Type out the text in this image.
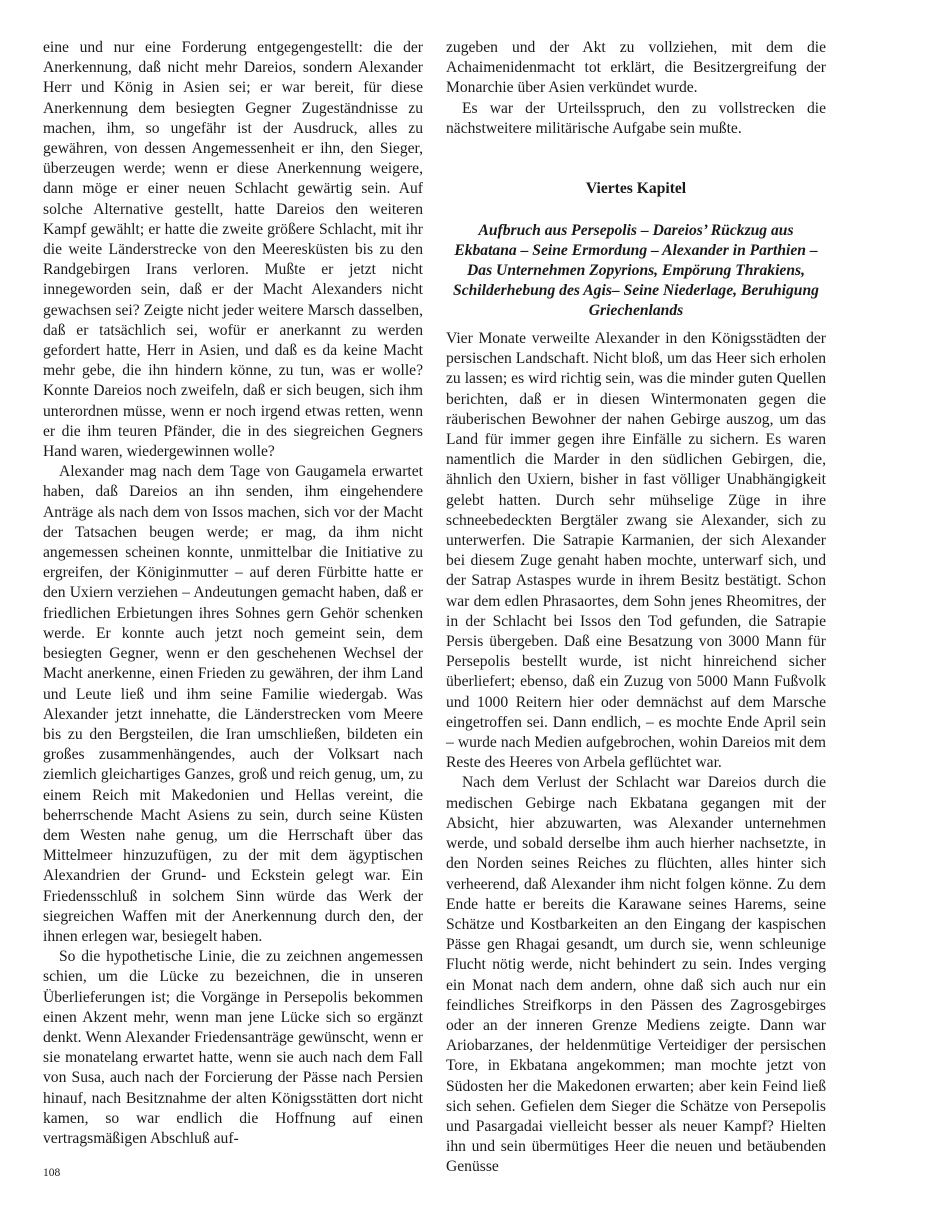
eine und nur eine Forderung entgegengestellt: die der Anerkennung, daß nicht mehr Dareios, sondern Alexander Herr und König in Asien sei; er war bereit, für diese Anerkennung dem besiegten Gegner Zugeständnisse zu machen, ihm, so ungefähr ist der Ausdruck, alles zu gewähren, von dessen Angemessenheit er ihn, den Sieger, überzeugen werde; wenn er diese Anerkennung weigere, dann möge er einer neuen Schlacht gewärtig sein. Auf solche Alternative gestellt, hatte Dareios den weiteren Kampf gewählt; er hatte die zweite größere Schlacht, mit ihr die weite Länderstrecke von den Meeresküsten bis zu den Randgebirgen Irans verloren. Mußte er jetzt nicht innegeworden sein, daß er der Macht Alexanders nicht gewachsen sei? Zeigte nicht jeder weitere Marsch dasselben, daß er tatsächlich sei, wofür er anerkannt zu werden gefordert hatte, Herr in Asien, und daß es da keine Macht mehr gebe, die ihn hindern könne, zu tun, was er wolle? Konnte Dareios noch zweifeln, daß er sich beugen, sich ihm unterordnen müsse, wenn er noch irgend etwas retten, wenn er die ihm teuren Pfänder, die in des siegreichen Gegners Hand waren, wiedergewinnen wolle?

Alexander mag nach dem Tage von Gaugamela erwartet haben, daß Dareios an ihn senden, ihm eingehendere Anträge als nach dem von Issos machen, sich vor der Macht der Tatsachen beugen werde; er mag, da ihm nicht angemessen scheinen konnte, unmittelbar die Initiative zu ergreifen, der Königinmutter – auf deren Fürbitte hatte er den Uxiern verziehen – Andeutungen gemacht haben, daß er friedlichen Erbietungen ihres Sohnes gern Gehör schenken werde. Er konnte auch jetzt noch gemeint sein, dem besiegten Gegner, wenn er den geschehenen Wechsel der Macht anerkenne, einen Frieden zu gewähren, der ihm Land und Leute ließ und ihm seine Familie wiedergab. Was Alexander jetzt innehatte, die Länderstrecken vom Meere bis zu den Bergsteilen, die Iran umschließen, bildeten ein großes zusammenhängendes, auch der Volksart nach ziemlich gleichartiges Ganzes, groß und reich genug, um, zu einem Reich mit Makedonien und Hellas vereint, die beherrschende Macht Asiens zu sein, durch seine Küsten dem Westen nahe genug, um die Herrschaft über das Mittelmeer hinzuzufügen, zu der mit dem ägyptischen Alexandrien der Grund- und Eckstein gelegt war. Ein Friedensschluß in solchem Sinn würde das Werk der siegreichen Waffen mit der Anerkennung durch den, der ihnen erlegen war, besiegelt haben.

So die hypothetische Linie, die zu zeichnen angemessen schien, um die Lücke zu bezeichnen, die in unseren Überlieferungen ist; die Vorgänge in Persepolis bekommen einen Akzent mehr, wenn man jene Lücke sich so ergänzt denkt. Wenn Alexander Friedensanträge gewünscht, wenn er sie monatelang erwartet hatte, wenn sie auch nach dem Fall von Susa, auch nach der Forcierung der Pässe nach Persien hinauf, nach Besitznahme der alten Königsstätten dort nicht kamen, so war endlich die Hoffnung auf einen vertragsmäßigen Abschluß auf-

zugeben und der Akt zu vollziehen, mit dem die Achaimenidenmacht tot erklärt, die Besitzergreifung der Monarchie über Asien verkündet wurde.

Es war der Urteilsspruch, den zu vollstrecken die nächstweitere militärische Aufgabe sein mußte.

Viertes Kapitel
Aufbruch aus Persepolis – Dareios’ Rückzug aus Ekbatana – Seine Ermordung – Alexander in Parthien – Das Unternehmen Zopyrions, Empörung Thrakiens, Schilderhebung des Agis– Seine Niederlage, Beruhigung Griechenlands

Vier Monate verweilte Alexander in den Königsstädten der persischen Landschaft. Nicht bloß, um das Heer sich erholen zu lassen; es wird richtig sein, was die minder guten Quellen berichten, daß er in diesen Wintermonaten gegen die räuberischen Bewohner der nahen Gebirge auszog, um das Land für immer gegen ihre Einfälle zu sichern. Es waren namentlich die Marder in den südlichen Gebirgen, die, ähnlich den Uxiern, bisher in fast völliger Unabhängigkeit gelebt hatten. Durch sehr mühselige Züge in ihre schneebedeckten Bergtäler zwang sie Alexander, sich zu unterwerfen. Die Satrapie Karmanien, der sich Alexander bei diesem Zuge genaht haben mochte, unterwarf sich, und der Satrap Astaspes wurde in ihrem Besitz bestätigt. Schon war dem edlen Phrasaortes, dem Sohn jenes Rheomitres, der in der Schlacht bei Issos den Tod gefunden, die Satrapie Persis übergeben. Daß eine Besatzung von 3000 Mann für Persepolis bestellt wurde, ist nicht hinreichend sicher überliefert; ebenso, daß ein Zuzug von 5000 Mann Fußvolk und 1000 Reitern hier oder demnächst auf dem Marsche eingetroffen sei. Dann endlich, – es mochte Ende April sein – wurde nach Medien aufgebrochen, wohin Dareios mit dem Reste des Heeres von Arbela geflüchtet war.

Nach dem Verlust der Schlacht war Dareios durch die medischen Gebirge nach Ekbatana gegangen mit der Absicht, hier abzuwarten, was Alexander unternehmen werde, und sobald derselbe ihm auch hierher nachsetzte, in den Norden seines Reiches zu flüchten, alles hinter sich verheerend, daß Alexander ihm nicht folgen könne. Zu dem Ende hatte er bereits die Karawane seines Harems, seine Schätze und Kostbarkeiten an den Eingang der kaspischen Pässe gen Rhagai gesandt, um durch sie, wenn schleunige Flucht nötig werde, nicht behindert zu sein. Indes verging ein Monat nach dem andern, ohne daß sich auch nur ein feindliches Streifkorps in den Pässen des Zagrosgebirges oder an der inneren Grenze Mediens zeigte. Dann war Ariobarzanes, der heldenmütige Verteidiger der persischen Tore, in Ekbatana angekommen; man mochte jetzt von Südosten her die Makedonen erwarten; aber kein Feind ließ sich sehen. Gefielen dem Sieger die Schätze von Persepolis und Pasargadai vielleicht besser als neuer Kampf? Hielten ihn und sein übermütiges Heer die neuen und betäubenden Genüsse

108
